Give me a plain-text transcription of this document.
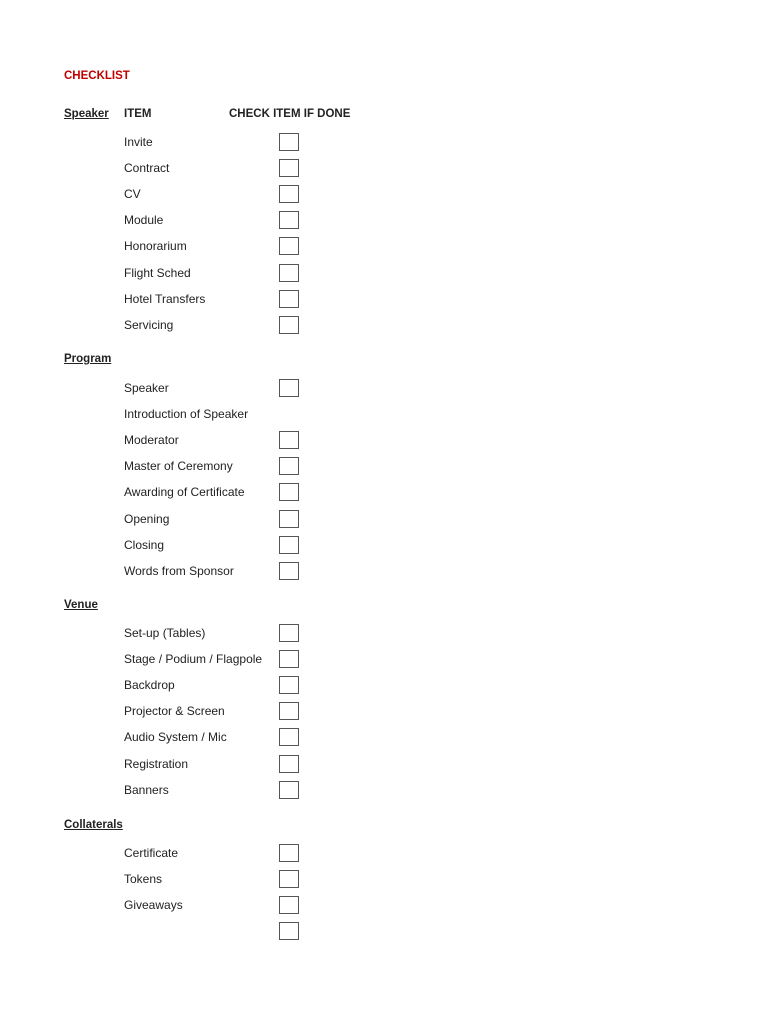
CHECKLIST
ITEM	CHECK ITEM IF DONE
Speaker
Invite
Contract
CV
Module
Honorarium
Flight Sched
Hotel Transfers
Servicing
Program
Speaker
Introduction of Speaker
Moderator
Master of Ceremony
Awarding of Certificate
Opening
Closing
Words from Sponsor
Venue
Set-up (Tables)
Stage / Podium / Flagpole
Backdrop
Projector & Screen
Audio System / Mic
Registration
Banners
Collaterals
Certificate
Tokens
Giveaways
